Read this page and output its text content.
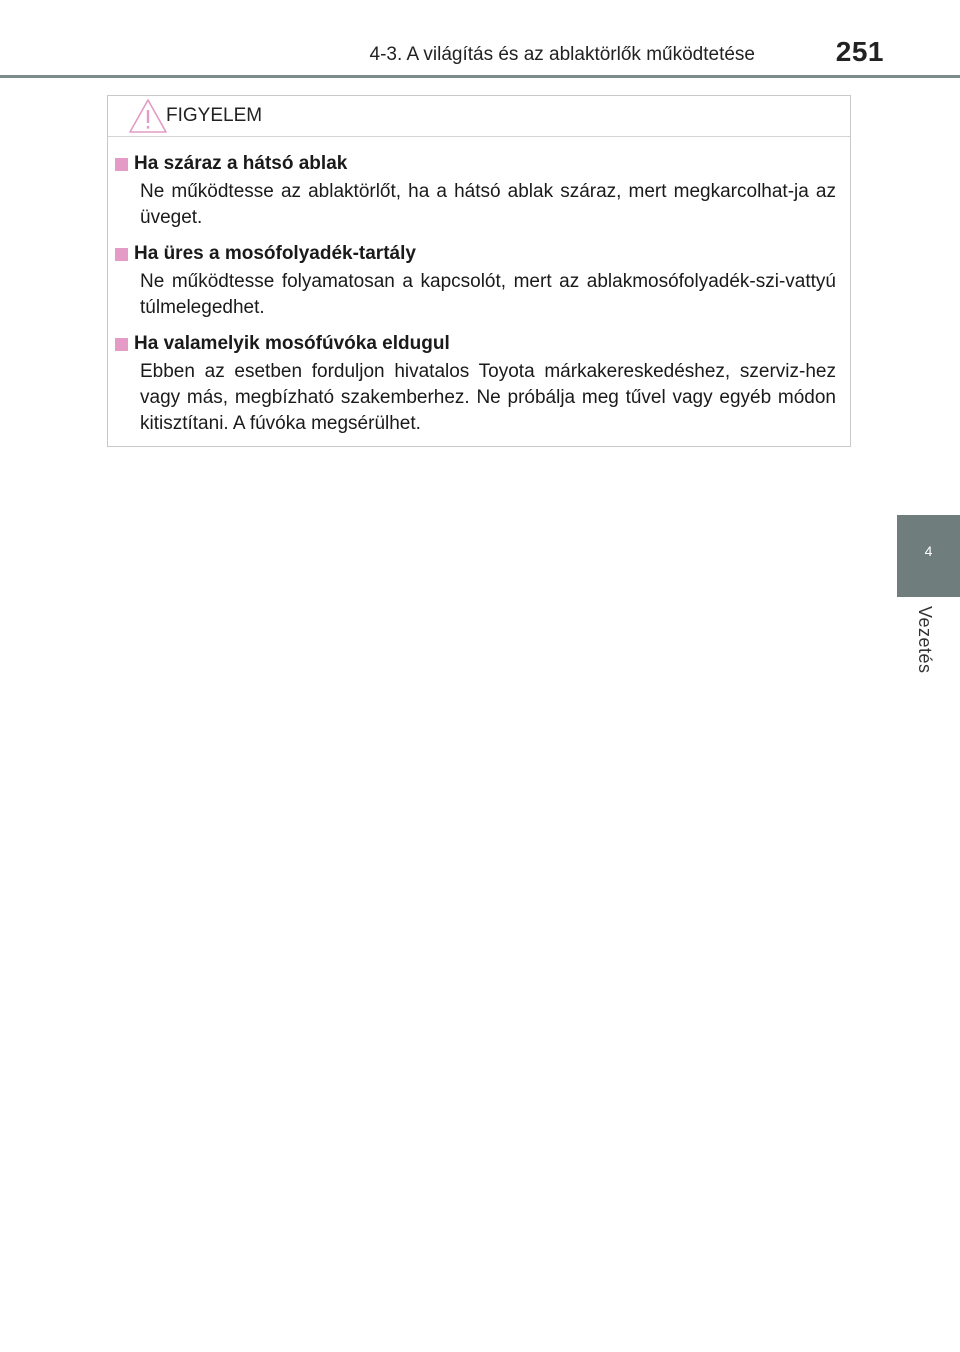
4-3. A világítás és az ablaktörlők működtetése	251
FIGYELEM
Ha száraz a hátsó ablak
Ne működtesse az ablaktörlőt, ha a hátsó ablak száraz, mert megkarcolhat-ja az üveget.
Ha üres a mosófolyadék-tartály
Ne működtesse folyamatosan a kapcsolót, mert az ablakmosófolyadék-szi-vattyú túlmelegedhet.
Ha valamelyik mosófúvóka eldugul
Ebben az esetben forduljon hivatalos Toyota márkakereskedéshez, szerviz-hez vagy más, megbízható szakemberhez. Ne próbálja meg tűvel vagy egyéb módon kitisztítani. A fúvóka megsérülhet.
4
Vezetés
